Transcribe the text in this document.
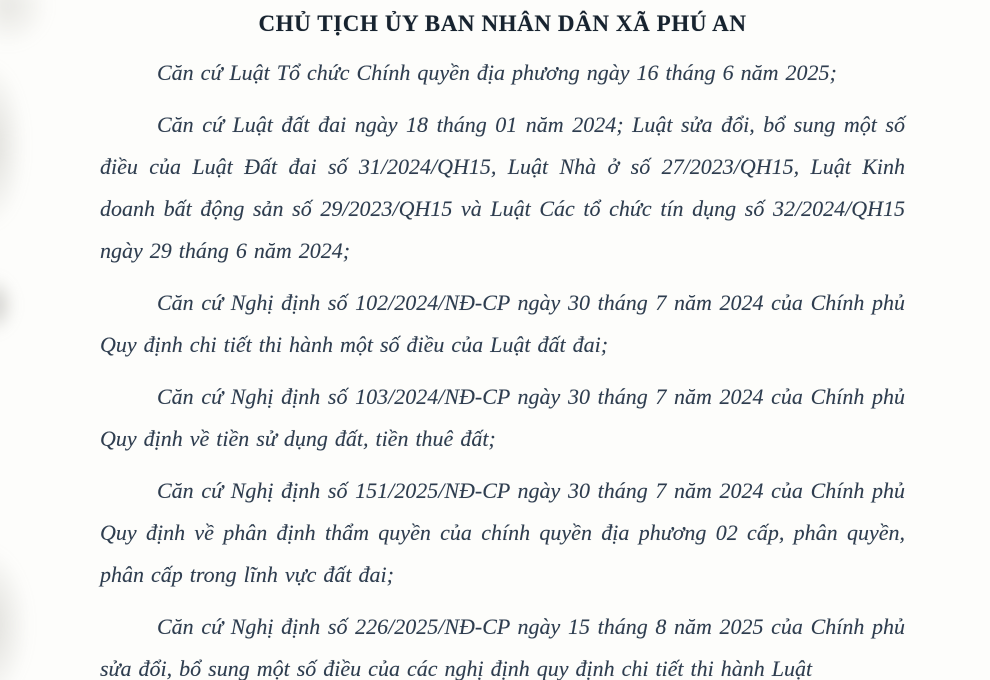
CHỦ TỊCH ỦY BAN NHÂN DÂN XÃ PHÚ AN

Căn cứ Luật Tổ chức Chính quyền địa phương ngày 16 tháng 6 năm 2025;

Căn cứ Luật đất đai ngày 18 tháng 01 năm 2024; Luật sửa đổi, bổ sung một số điều của Luật Đất đai số 31/2024/QH15, Luật Nhà ở số 27/2023/QH15, Luật Kinh doanh bất động sản số 29/2023/QH15 và Luật Các tổ chức tín dụng số 32/2024/QH15 ngày 29 tháng 6 năm 2024;

Căn cứ Nghị định số 102/2024/NĐ-CP ngày 30 tháng 7 năm 2024 của Chính phủ Quy định chi tiết thi hành một số điều của Luật đất đai;

Căn cứ Nghị định số 103/2024/NĐ-CP ngày 30 tháng 7 năm 2024 của Chính phủ Quy định về tiền sử dụng đất, tiền thuê đất;

Căn cứ Nghị định số 151/2025/NĐ-CP ngày 30 tháng 7 năm 2024 của Chính phủ Quy định về phân định thẩm quyền của chính quyền địa phương 02 cấp, phân quyền, phân cấp trong lĩnh vực đất đai;

Căn cứ Nghị định số 226/2025/NĐ-CP ngày 15 tháng 8 năm 2025 của Chính phủ sửa đổi, bổ sung một số điều của các nghị định quy định chi tiết thi hành Luật
